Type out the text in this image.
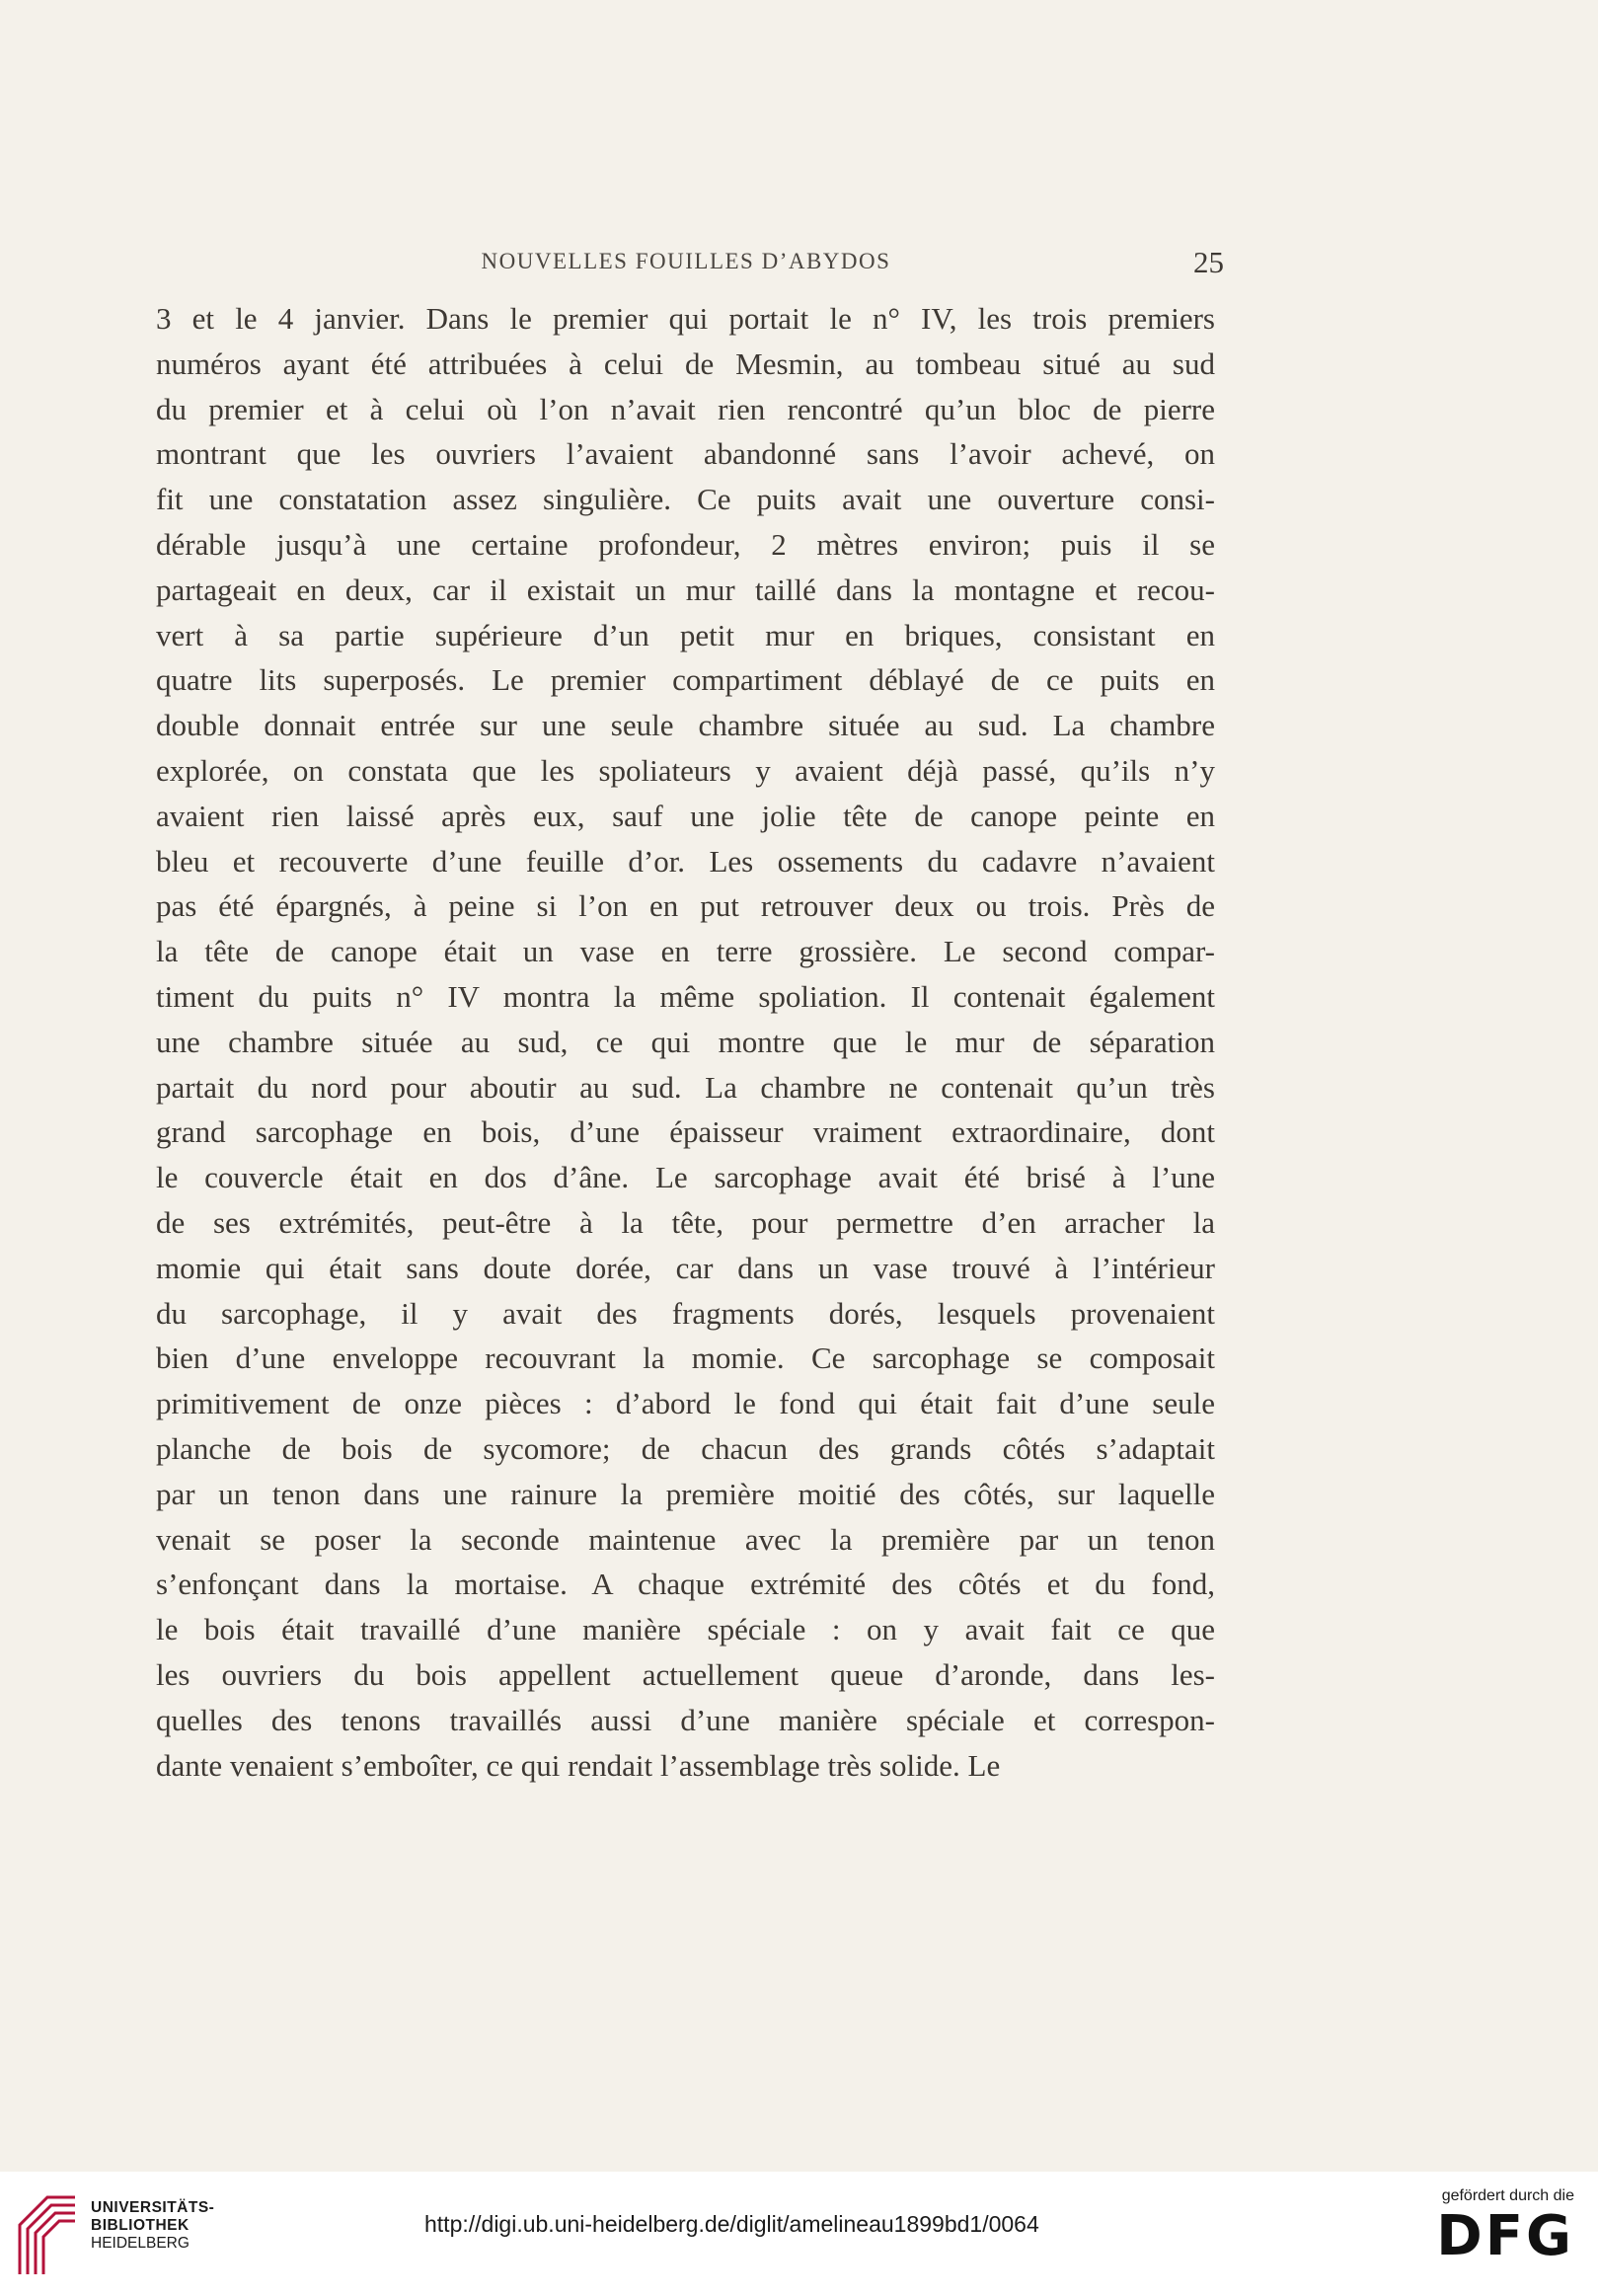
NOUVELLES FOUILLES D’ABYDOS	25
3 et le 4 janvier. Dans le premier qui portait le n° IV, les trois premiers
numéros ayant été attribuées à celui de Mesmin, au tombeau situé au sud
du premier et à celui où l’on n’avait rien rencontré qu’un bloc de pierre
montrant que les ouvriers l’avaient abandonné sans l’avoir achevé, on
fit une constatation assez singulière. Ce puits avait une ouverture consi-
dérable jusqu’à une certaine profondeur, 2 mètres environ; puis il se
partageait en deux, car il existait un mur taillé dans la montagne et recou-
vert à sa partie supérieure d’un petit mur en briques, consistant en
quatre lits superposés. Le premier compartiment déblayé de ce puits en
double donnait entrée sur une seule chambre située au sud. La chambre
explorée, on constata que les spoliateurs y avaient déjà passé, qu’ils n’y
avaient rien laissé après eux, sauf une jolie tête de canope peinte en
bleu et recouverte d’une feuille d’or. Les ossements du cadavre n’avaient
pas été épargnés, à peine si l’on en put retrouver deux ou trois. Près de
la tête de canope était un vase en terre grossière. Le second compar-
timent du puits n° IV montra la même spoliation. Il contenait également
une chambre située au sud, ce qui montre que le mur de séparation
partait du nord pour aboutir au sud. La chambre ne contenait qu’un très
grand sarcophage en bois, d’une épaisseur vraiment extraordinaire, dont
le couvercle était en dos d’âne. Le sarcophage avait été brisé à l’une
de ses extrémités, peut-être à la tête, pour permettre d’en arracher la
momie qui était sans doute dorée, car dans un vase trouvé à l’intérieur
du sarcophage, il y avait des fragments dorés, lesquels provenaient
bien d’une enveloppe recouvrant la momie. Ce sarcophage se composait
primitivement de onze pièces : d’abord le fond qui était fait d’une seule
planche de bois de sycomore; de chacun des grands côtés s’adaptait
par un tenon dans une rainure la première moitié des côtés, sur laquelle
venait se poser la seconde maintenue avec la première par un tenon
s’enfonçant dans la mortaise. A chaque extrémité des côtés et du fond,
le bois était travaillé d’une manière spéciale : on y avait fait ce que
les ouvriers du bois appellent actuellement queue d’aronde, dans les-
quelles des tenons travaillés aussi d’une manière spéciale et correspon-
dante venaient s’emboîter, ce qui rendait l’assemblage très solide. Le
UNIVERSITÄTS-
BIBLIOTHEK
HEIDELBERG
http://digi.ub.uni-heidelberg.de/diglit/amelineau1899bd1/0064
gefördert durch die
DFG
